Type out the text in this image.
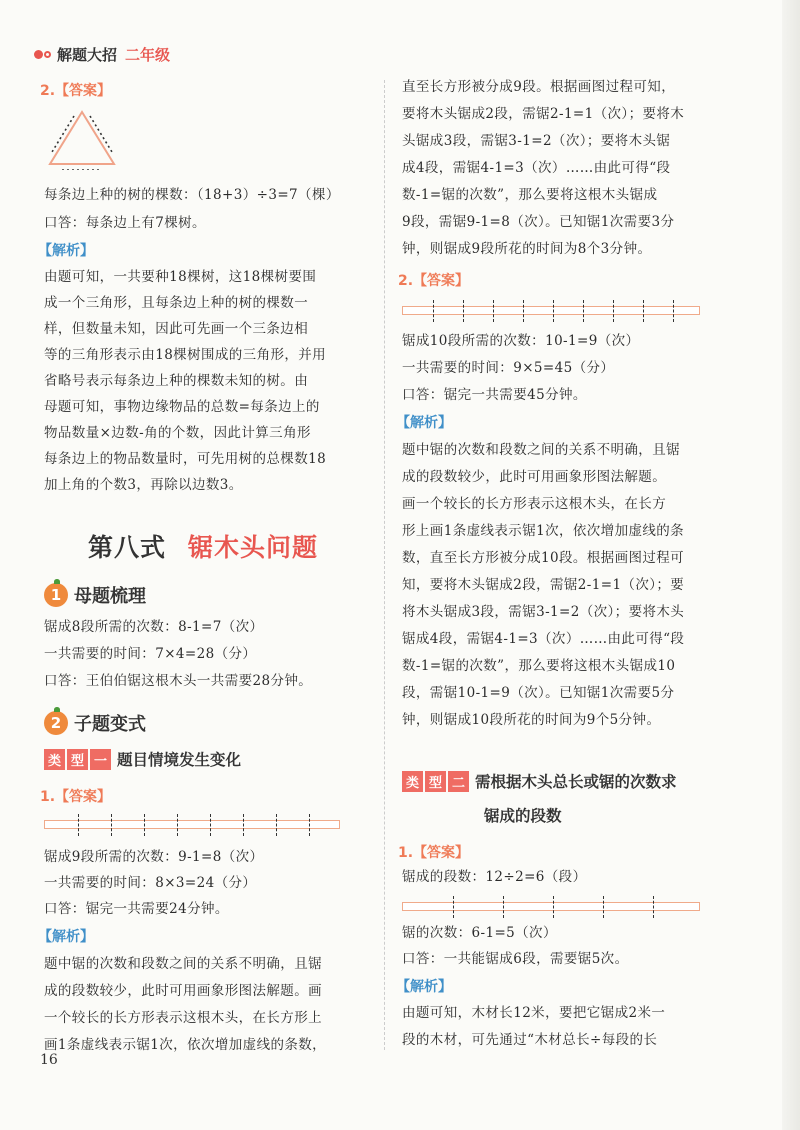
解题大招 二年级
2.【答案】
每条边上种的树的棵数：（18+3）÷3=7（棵）
口答：每条边上有7棵树。
【解析】
由题可知，一共要种18棵树，这18棵树要围
成一个三角形，且每条边上种的树的棵数一
样，但数量未知，因此可先画一个三条边相
等的三角形表示由18棵树围成的三角形，并用
省略号表示每条边上种的棵数未知的树。由
母题可知，事物边缘物品的总数=每条边上的
物品数量×边数-角的个数，因此计算三角形
每条边上的物品数量时，可先用树的总棵数18
加上角的个数3，再除以边数3。
第八式 锯木头问题
1 母题梳理
锯成8段所需的次数：8-1=7（次）
一共需要的时间：7×4=28（分）
口答：王伯伯锯这根木头一共需要28分钟。
2 子题变式
类 型 一 题目情境发生变化
1.【答案】
锯成9段所需的次数：9-1=8（次）
一共需要的时间：8×3=24（分）
口答：锯完一共需要24分钟。
【解析】
题中锯的次数和段数之间的关系不明确，且锯
成的段数较少，此时可用画象形图法解题。画
一个较长的长方形表示这根木头，在长方形上
画1条虚线表示锯1次，依次增加虚线的条数，
16
直至长方形被分成9段。根据画图过程可知，
要将木头锯成2段，需锯2-1=1（次）；要将木
头锯成3段，需锯3-1=2（次）；要将木头锯
成4段，需锯4-1=3（次）……由此可得“段
数-1=锯的次数”，那么要将这根木头锯成
9段，需锯9-1=8（次）。已知锯1次需要3分
钟，则锯成9段所花的时间为8个3分钟。
2.【答案】
锯成10段所需的次数：10-1=9（次）
一共需要的时间：9×5=45（分）
口答：锯完一共需要45分钟。
【解析】
题中锯的次数和段数之间的关系不明确，且锯
成的段数较少，此时可用画象形图法解题。
画一个较长的长方形表示这根木头，在长方
形上画1条虚线表示锯1次，依次增加虚线的条
数，直至长方形被分成10段。根据画图过程可
知，要将木头锯成2段，需锯2-1=1（次）；要
将木头锯成3段，需锯3-1=2（次）；要将木头
锯成4段，需锯4-1=3（次）……由此可得“段
数-1=锯的次数”，那么要将这根木头锯成10
段，需锯10-1=9（次）。已知锯1次需要5分
钟，则锯成10段所花的时间为9个5分钟。
类 型 二 需根据木头总长或锯的次数求
锯成的段数
1.【答案】
锯成的段数：12÷2=6（段）
锯的次数：6-1=5（次）
口答：一共能锯成6段，需要锯5次。
【解析】
由题可知，木材长12米，要把它锯成2米一
段的木材，可先通过“木材总长÷每段的长
